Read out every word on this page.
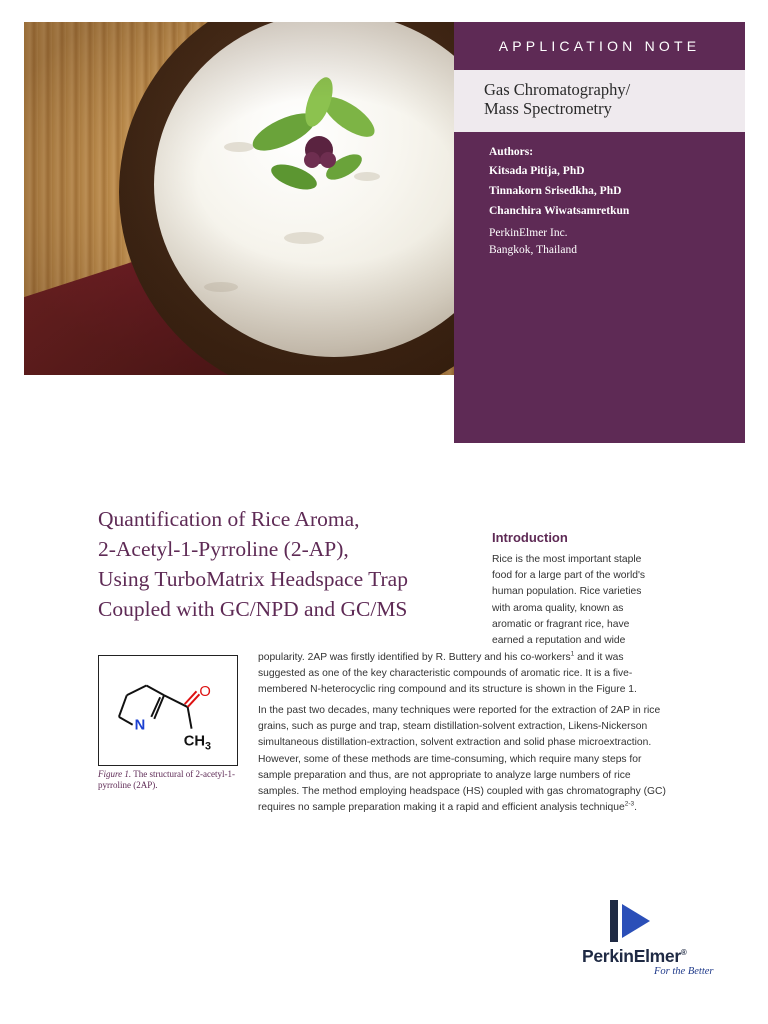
APPLICATION NOTE
Gas Chromatography/
Mass Spectrometry
Authors:
Kitsada Pitija, PhD
Tinnakorn Srisedkha, PhD
Chanchira Wiwatsamretkun
PerkinElmer Inc.
Bangkok, Thailand
Quantification of Rice Aroma,
2-Acetyl-1-Pyrroline (2-AP),
Using TurboMatrix Headspace Trap
Coupled with GC/NPD and GC/MS
Introduction
Rice is the most important staple
food for a large part of the world's
human population. Rice varieties
with aroma quality, known as
aromatic or fragrant rice, have
earned a reputation and wide

popularity. 2AP was firstly identified by R. Buttery and his co-workers$^1$ and it was suggested as one of the key characteristic compounds of aromatic rice. It is a five-membered N-heterocyclic ring compound and its structure is shown in the Figure 1.

In the past two decades, many techniques were reported for the extraction of 2AP in rice grains, such as purge and trap, steam distillation-solvent extraction, Likens-Nickerson simultaneous distillation-extraction, solvent extraction and solid phase microextraction. However, some of these methods are time-consuming, which require many steps for sample preparation and thus, are not appropriate to analyze large numbers of rice samples. The method employing headspace (HS) coupled with gas chromatography (GC) requires no sample preparation making it a rapid and efficient analysis technique$^{2-3}$.

N
O
$CH_3$
Figure 1. The structural of 2-acetyl-1-pyrroline (2AP).
PerkinElmer®
For the Better
